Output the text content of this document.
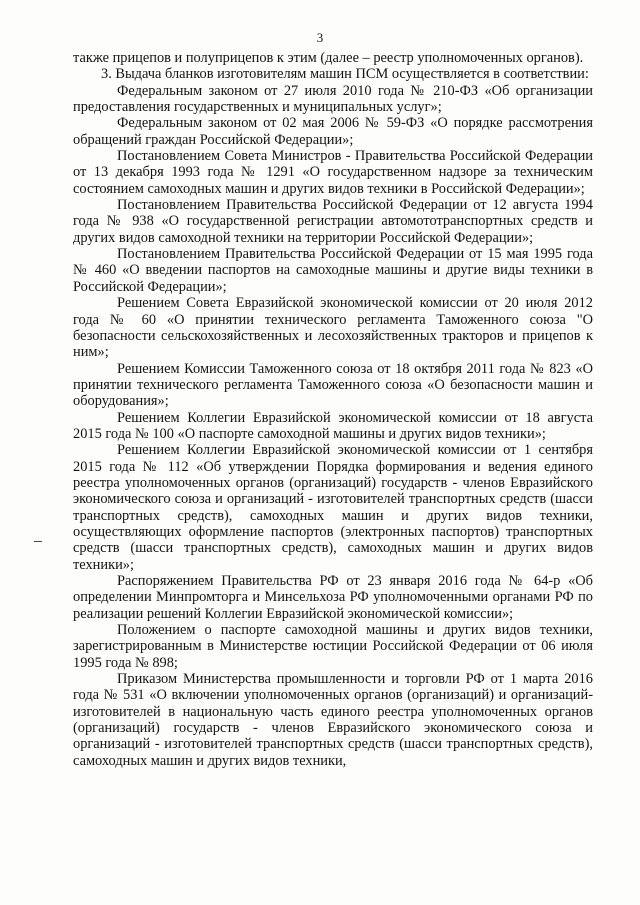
3

также прицепов и полуприцепов к этим (далее – реестр уполномоченных органов).

3. Выдача бланков изготовителям машин ПСМ осуществляется в соответствии:

Федеральным законом от 27 июля 2010 года № 210-ФЗ «Об организации предоставления государственных и муниципальных услуг»;

Федеральным законом от 02 мая 2006 № 59-ФЗ «О порядке рассмотрения обращений граждан Российской Федерации»;

Постановлением Совета Министров - Правительства Российской Федерации от 13 декабря 1993 года № 1291 «О государственном надзоре за техническим состоянием самоходных машин и других видов техники в Российской Федерации»;

Постановлением Правительства Российской Федерации от 12 августа 1994 года № 938 «О государственной регистрации автомототранспортных средств и других видов самоходной техники на территории Российской Федерации»;

Постановлением Правительства Российской Федерации от 15 мая 1995 года № 460 «О введении паспортов на самоходные машины и другие виды техники в Российской Федерации»;

Решением Совета Евразийской экономической комиссии от 20 июля 2012 года № 60 «О принятии технического регламента Таможенного союза "О безопасности сельскохозяйственных и лесохозяйственных тракторов и прицепов к ним»;

Решением Комиссии Таможенного союза от 18 октября 2011 года № 823 «О принятии технического регламента Таможенного союза «О безопасности машин и оборудования»;

Решением Коллегии Евразийской экономической комиссии от 18 августа 2015 года № 100 «О паспорте самоходной машины и других видов техники»;

Решением Коллегии Евразийской экономической комиссии от 1 сентября 2015 года № 112 «Об утверждении Порядка формирования и ведения единого реестра уполномоченных органов (организаций) государств - членов Евразийского экономического союза и организаций - изготовителей транспортных средств (шасси транспортных средств), самоходных машин и других видов техники, осуществляющих оформление паспортов (электронных паспортов) транспортных средств (шасси транспортных средств), самоходных машин и других видов техники»;

Распоряжением Правительства РФ от 23 января 2016 года № 64-р «Об определении Минпромторга и Минсельхоза РФ уполномоченными органами РФ по реализации решений Коллегии Евразийской экономической комиссии»;

Положением о паспорте самоходной машины и других видов техники, зарегистрированным в Министерстве юстиции Российской Федерации от 06 июля 1995 года № 898;

Приказом Министерства промышленности и торговли РФ от 1 марта 2016 года № 531 «О включении уполномоченных органов (организаций) и организаций-изготовителей в национальную часть единого реестра уполномоченных органов (организаций) государств - членов Евразийского экономического союза и организаций - изготовителей транспортных средств (шасси транспортных средств), самоходных машин и других видов техники,
